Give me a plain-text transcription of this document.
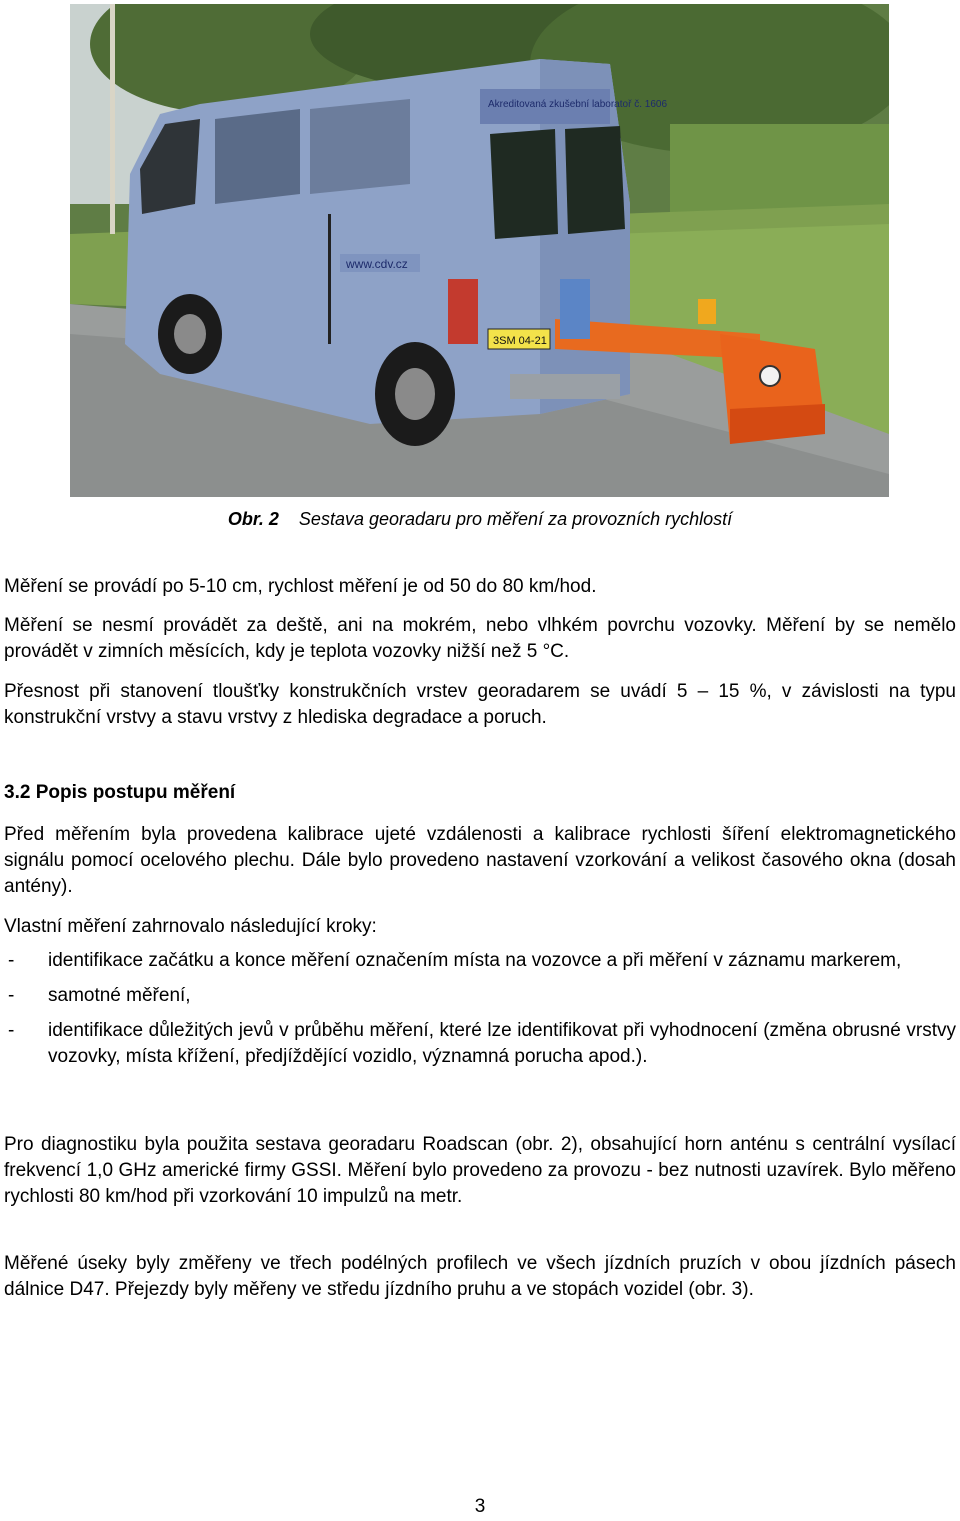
Akreditovaná zkušební laboratoř č. 1606
www.cdv.cz
3SM 04-21
Obr. 2 Sestava georadaru pro měření za provozních rychlostí

Měření se provádí po 5-10 cm, rychlost měření je od 50 do 80 km/hod.

Měření se nesmí provádět za deště, ani na mokrém, nebo vlhkém povrchu vozovky. Měření by se nemělo provádět v zimních měsících, kdy je teplota vozovky nižší než 5 °C.

Přesnost při stanovení tloušťky konstrukčních vrstev georadarem se uvádí 5 – 15 %, v závislosti na typu konstrukční vrstvy a stavu vrstvy z hlediska degradace a poruch.

3.2 Popis postupu měření

Před měřením byla provedena kalibrace ujeté vzdálenosti a kalibrace rychlosti šíření elektromagnetického signálu pomocí ocelového plechu. Dále bylo provedeno nastavení vzorkování a velikost časového okna (dosah antény).

Vlastní měření zahrnovalo následující kroky:

- identifikace začátku a konce měření označením místa na vozovce a při měření v záznamu markerem,
- samotné měření,
- identifikace důležitých jevů v průběhu měření, které lze identifikovat při vyhodnocení (změna obrusné vrstvy vozovky, místa křížení, předjíždějící vozidlo, významná porucha apod.).

Pro diagnostiku byla použita sestava georadaru Roadscan (obr. 2), obsahující horn anténu s centrální vysílací frekvencí 1,0 GHz americké firmy GSSI. Měření bylo provedeno za provozu - bez nutnosti uzavírek. Bylo měřeno rychlosti 80 km/hod při vzorkování 10 impulzů na metr.

Měřené úseky byly změřeny ve třech podélných profilech ve všech jízdních pruzích v obou jízdních pásech dálnice D47. Přejezdy byly měřeny ve středu jízdního pruhu a ve stopách vozidel (obr. 3).

3
